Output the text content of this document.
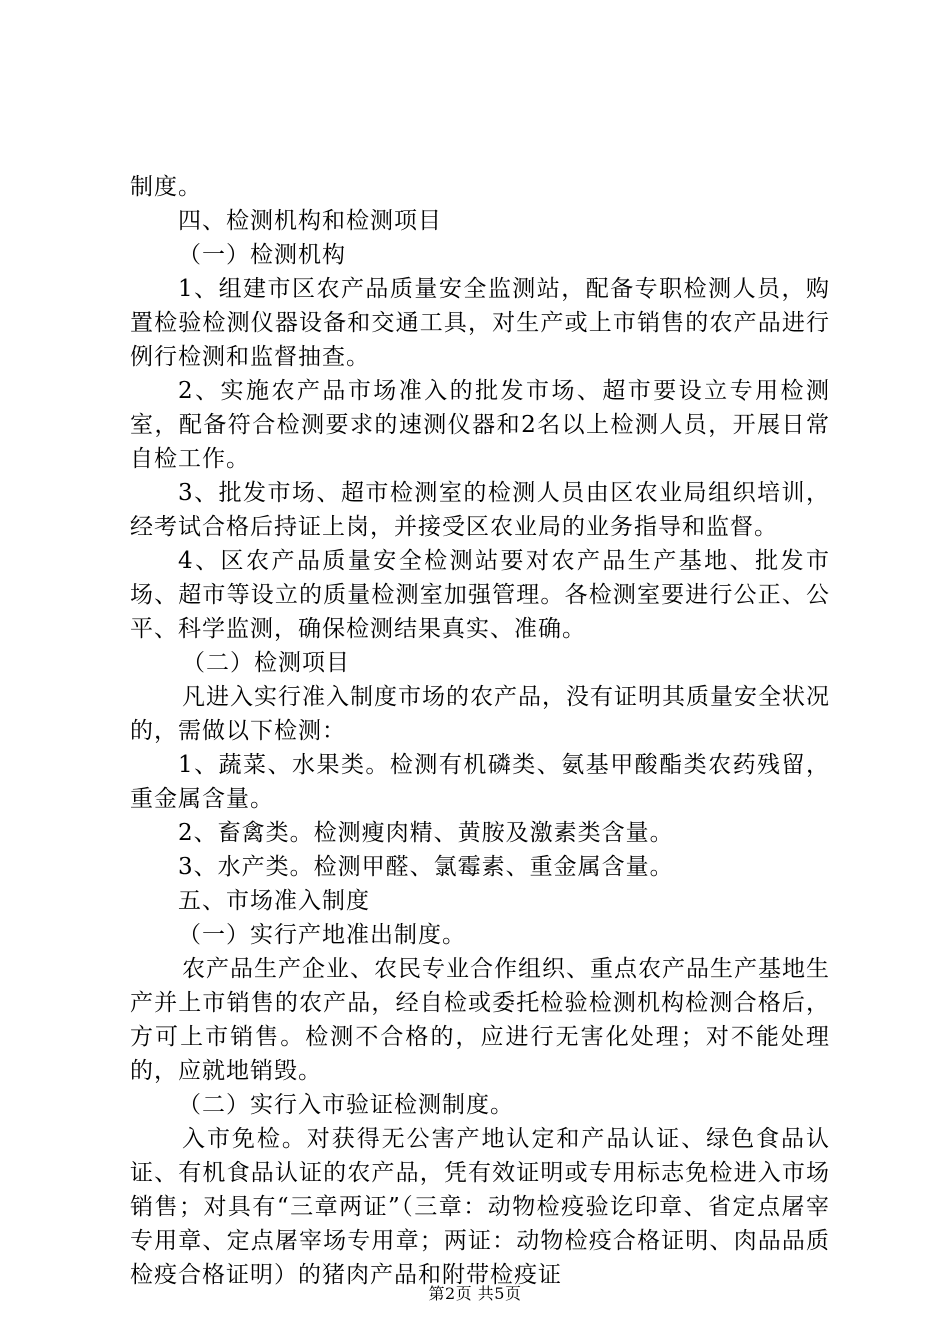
制度。

四、检测机构和检测项目

（一）检测机构

1、组建市区农产品质量安全监测站，配备专职检测人员，购置检验检测仪器设备和交通工具，对生产或上市销售的农产品进行例行检测和监督抽查。

2、实施农产品市场准入的批发市场、超市要设立专用检测室，配备符合检测要求的速测仪器和2名以上检测人员，开展日常自检工作。

3、批发市场、超市检测室的检测人员由区农业局组织培训，经考试合格后持证上岗，并接受区农业局的业务指导和监督。

4、区农产品质量安全检测站要对农产品生产基地、批发市场、超市等设立的质量检测室加强管理。各检测室要进行公正、公平、科学监测，确保检测结果真实、准确。

（二）检测项目

凡进入实行准入制度市场的农产品，没有证明其质量安全状况的，需做以下检测：

1、蔬菜、水果类。检测有机磷类、氨基甲酸酯类农药残留，重金属含量。

2、畜禽类。检测瘦肉精、黄胺及激素类含量。

3、水产类。检测甲醛、氯霉素、重金属含量。

五、市场准入制度

（一）实行产地准出制度。

农产品生产企业、农民专业合作组织、重点农产品生产基地生产并上市销售的农产品，经自检或委托检验检测机构检测合格后，方可上市销售。检测不合格的，应进行无害化处理；对不能处理的，应就地销毁。

（二）实行入市验证检测制度。

入市免检。对获得无公害产地认定和产品认证、绿色食品认证、有机食品认证的农产品，凭有效证明或专用标志免检进入市场销售；对具有“三章两证”（三章：动物检疫验讫印章、省定点屠宰专用章、定点屠宰场专用章；两证：动物检疫合格证明、肉品品质检疫合格证明）的猪肉产品和附带检疫证

第2页 共5页
